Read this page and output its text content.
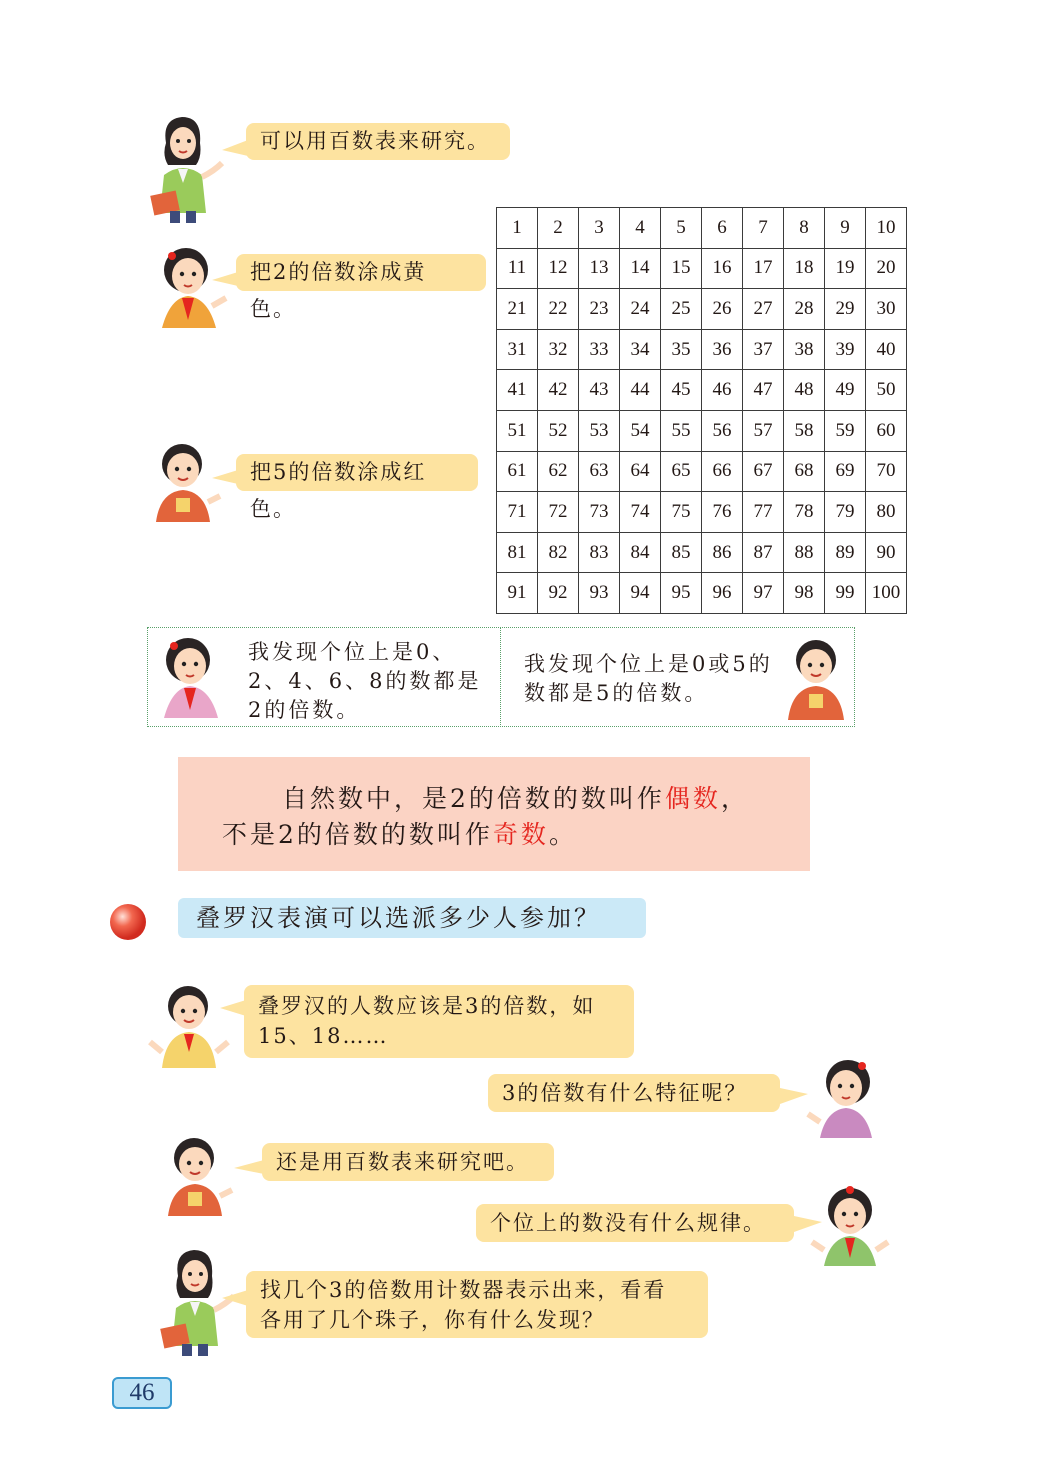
可以用百数表来研究。
把2的倍数涂成黄色。
把5的倍数涂成红色。
1	2	3	4	5	6	7	8	9	10
11	12	13	14	15	16	17	18	19	20
21	22	23	24	25	26	27	28	29	30
31	32	33	34	35	36	37	38	39	40
41	42	43	44	45	46	47	48	49	50
51	52	53	54	55	56	57	58	59	60
61	62	63	64	65	66	67	68	69	70
71	72	73	74	75	76	77	78	79	80
81	82	83	84	85	86	87	88	89	90
91	92	93	94	95	96	97	98	99	100
我发现个位上是0、
2、4、6、8的数都是
2的倍数。
我发现个位上是0或5的
数都是5的倍数。
自然数中，是2的倍数的数叫作偶数，
不是2的倍数的数叫作奇数。
叠罗汉表演可以选派多少人参加？
叠罗汉的人数应该是3的倍数，如
15、18……
3的倍数有什么特征呢？
还是用百数表来研究吧。
个位上的数没有什么规律。
找几个3的倍数用计数器表示出来，看看
各用了几个珠子，你有什么发现？
46
